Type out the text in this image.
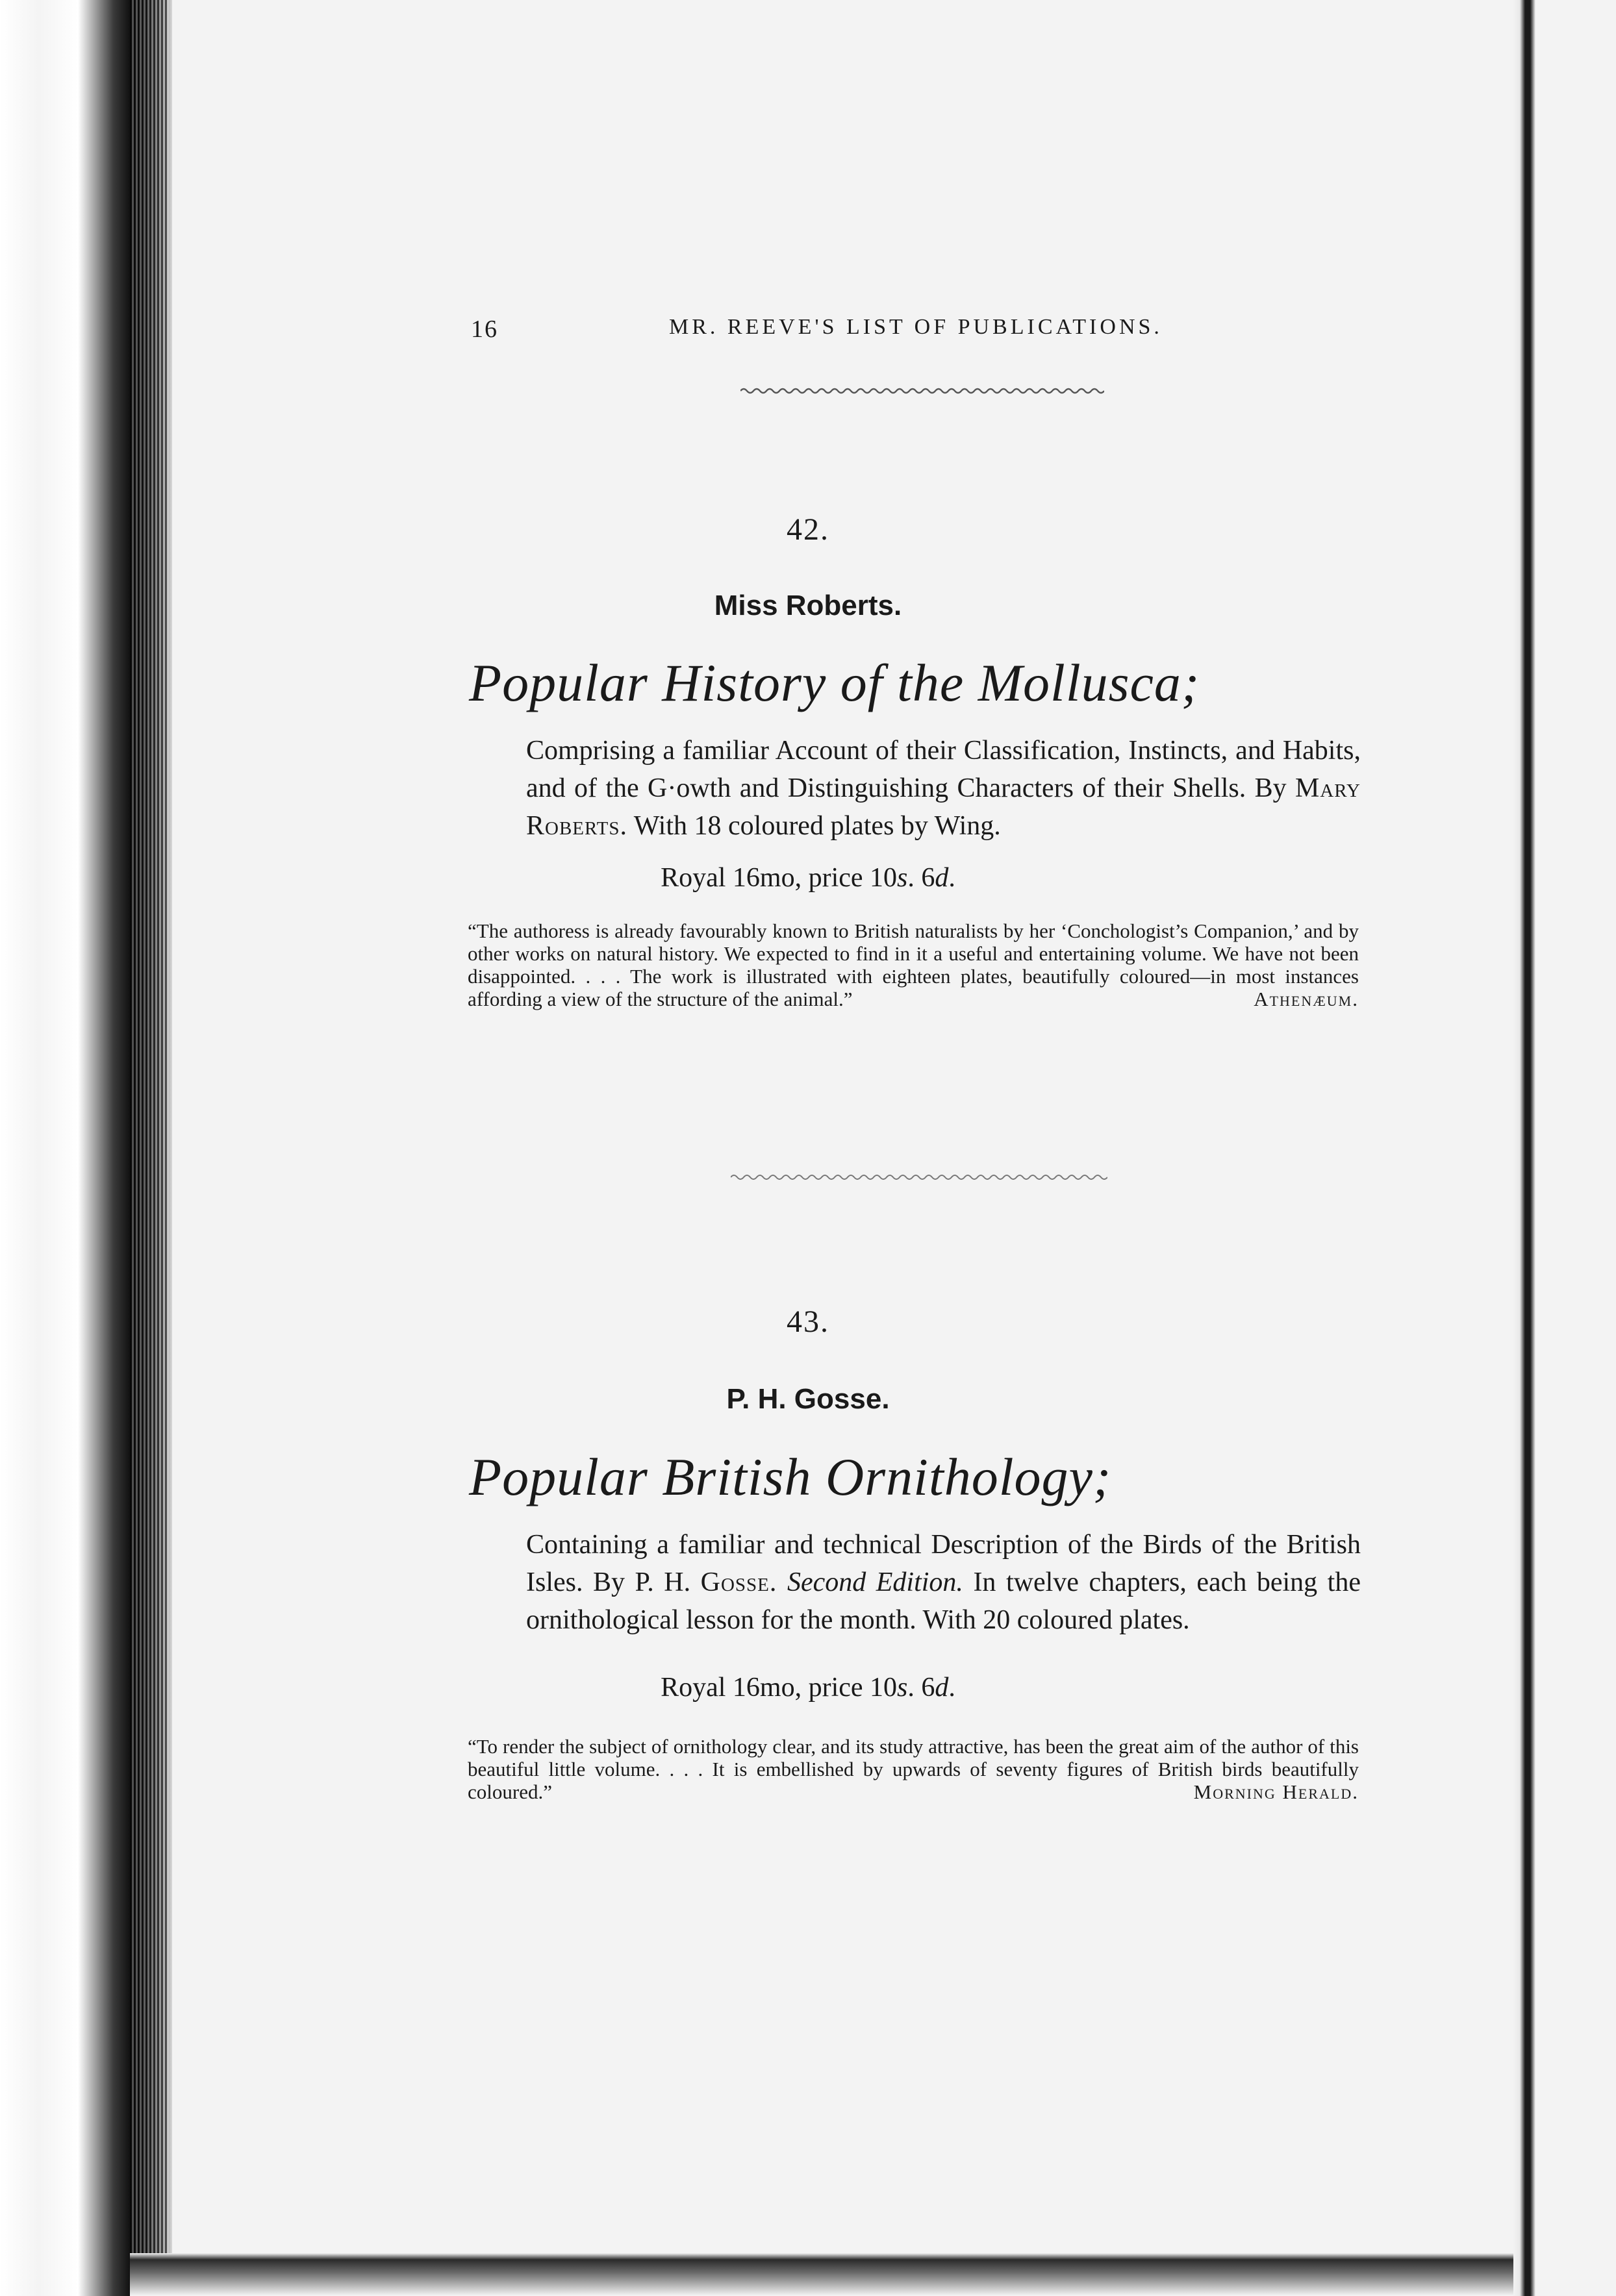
16	MR. REEVE'S LIST OF PUBLICATIONS.
42.
Miss Roberts.
Popular History of the Mollusca;
Comprising a familiar Account of their Classification, Instincts, and Habits, and of the G·owth and Distinguishing Characters of their Shells. By Mary Roberts. With 18 coloured plates by Wing.
Royal 16mo, price 10s. 6d.
“The authoress is already favourably known to British naturalists by her ‘Conchologist’s Companion,’ and by other works on natural history. We expected to find in it a useful and entertaining volume. We have not been disappointed. . . . The work is illustrated with eighteen plates, beautifully coloured—in most instances affording a view of the structure of the animal.”	Athenæum.
43.
P. H. Gosse.
Popular British Ornithology;
Containing a familiar and technical Description of the Birds of the British Isles. By P. H. Gosse. Second Edition. In twelve chapters, each being the ornithological lesson for the month. With 20 coloured plates.
Royal 16mo, price 10s. 6d.
“To render the subject of ornithology clear, and its study attractive, has been the great aim of the author of this beautiful little volume. . . . It is embellished by upwards of seventy figures of British birds beautifully coloured.”	Morning Herald.
